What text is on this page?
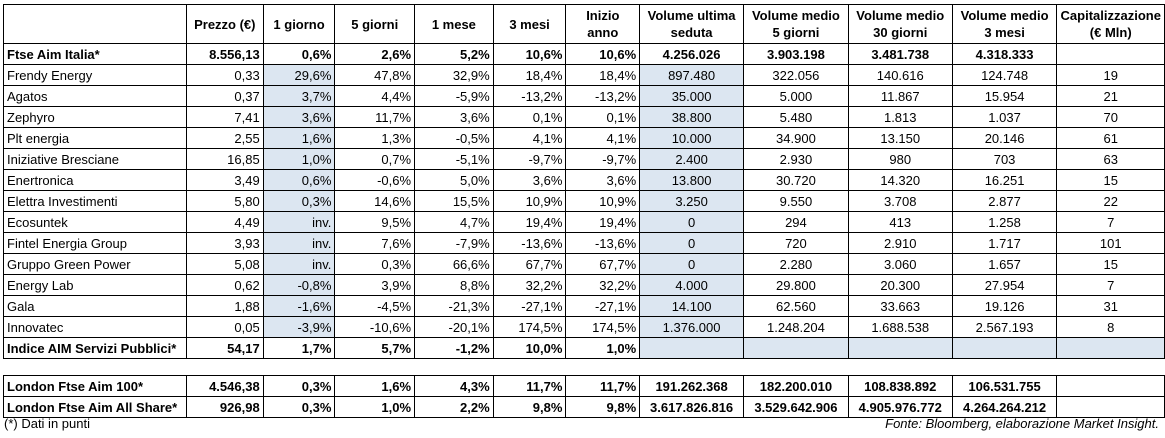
	Prezzo (€)	1 giorno	5 giorni	1 mese	3 mesi	Inizio anno	Volume ultima seduta	Volume medio 5 giorni	Volume medio 30 giorni	Volume medio 3 mesi	Capitalizzazione (€ Mln)
Ftse Aim Italia*	8.556,13	0,6%	2,6%	5,2%	10,6%	10,6%	4.256.026	3.903.198	3.481.738	4.318.333	
Frendy Energy	0,33	29,6%	47,8%	32,9%	18,4%	18,4%	897.480	322.056	140.616	124.748	19
Agatos	0,37	3,7%	4,4%	-5,9%	-13,2%	-13,2%	35.000	5.000	11.867	15.954	21
Zephyro	7,41	3,6%	11,7%	3,6%	0,1%	0,1%	38.800	5.480	1.813	1.037	70
Plt energia	2,55	1,6%	1,3%	-0,5%	4,1%	4,1%	10.000	34.900	13.150	20.146	61
Iniziative Bresciane	16,85	1,0%	0,7%	-5,1%	-9,7%	-9,7%	2.400	2.930	980	703	63
Enertronica	3,49	0,6%	-0,6%	5,0%	3,6%	3,6%	13.800	30.720	14.320	16.251	15
Elettra Investimenti	5,80	0,3%	14,6%	15,5%	10,9%	10,9%	3.250	9.550	3.708	2.877	22
Ecosuntek	4,49	inv.	9,5%	4,7%	19,4%	19,4%	0	294	413	1.258	7
Fintel Energia Group	3,93	inv.	7,6%	-7,9%	-13,6%	-13,6%	0	720	2.910	1.717	101
Gruppo Green Power	5,08	inv.	0,3%	66,6%	67,7%	67,7%	0	2.280	3.060	1.657	15
Energy Lab	0,62	-0,8%	3,9%	8,8%	32,2%	32,2%	4.000	29.800	20.300	27.954	7
Gala	1,88	-1,6%	-4,5%	-21,3%	-27,1%	-27,1%	14.100	62.560	33.663	19.126	31
Innovatec	0,05	-3,9%	-10,6%	-20,1%	174,5%	174,5%	1.376.000	1.248.204	1.688.538	2.567.193	8
Indice AIM Servizi Pubblici*	54,17	1,7%	5,7%	-1,2%	10,0%	1,0%					

London Ftse Aim 100*	4.546,38	0,3%	1,6%	4,3%	11,7%	11,7%	191.262.368	182.200.010	108.838.892	106.531.755	
London Ftse Aim All Share*	926,98	0,3%	1,0%	2,2%	9,8%	9,8%	3.617.826.816	3.529.642.906	4.905.976.772	4.264.264.212	
(*) Dati in punti	Fonte: Bloomberg, elaborazione Market Insight.
